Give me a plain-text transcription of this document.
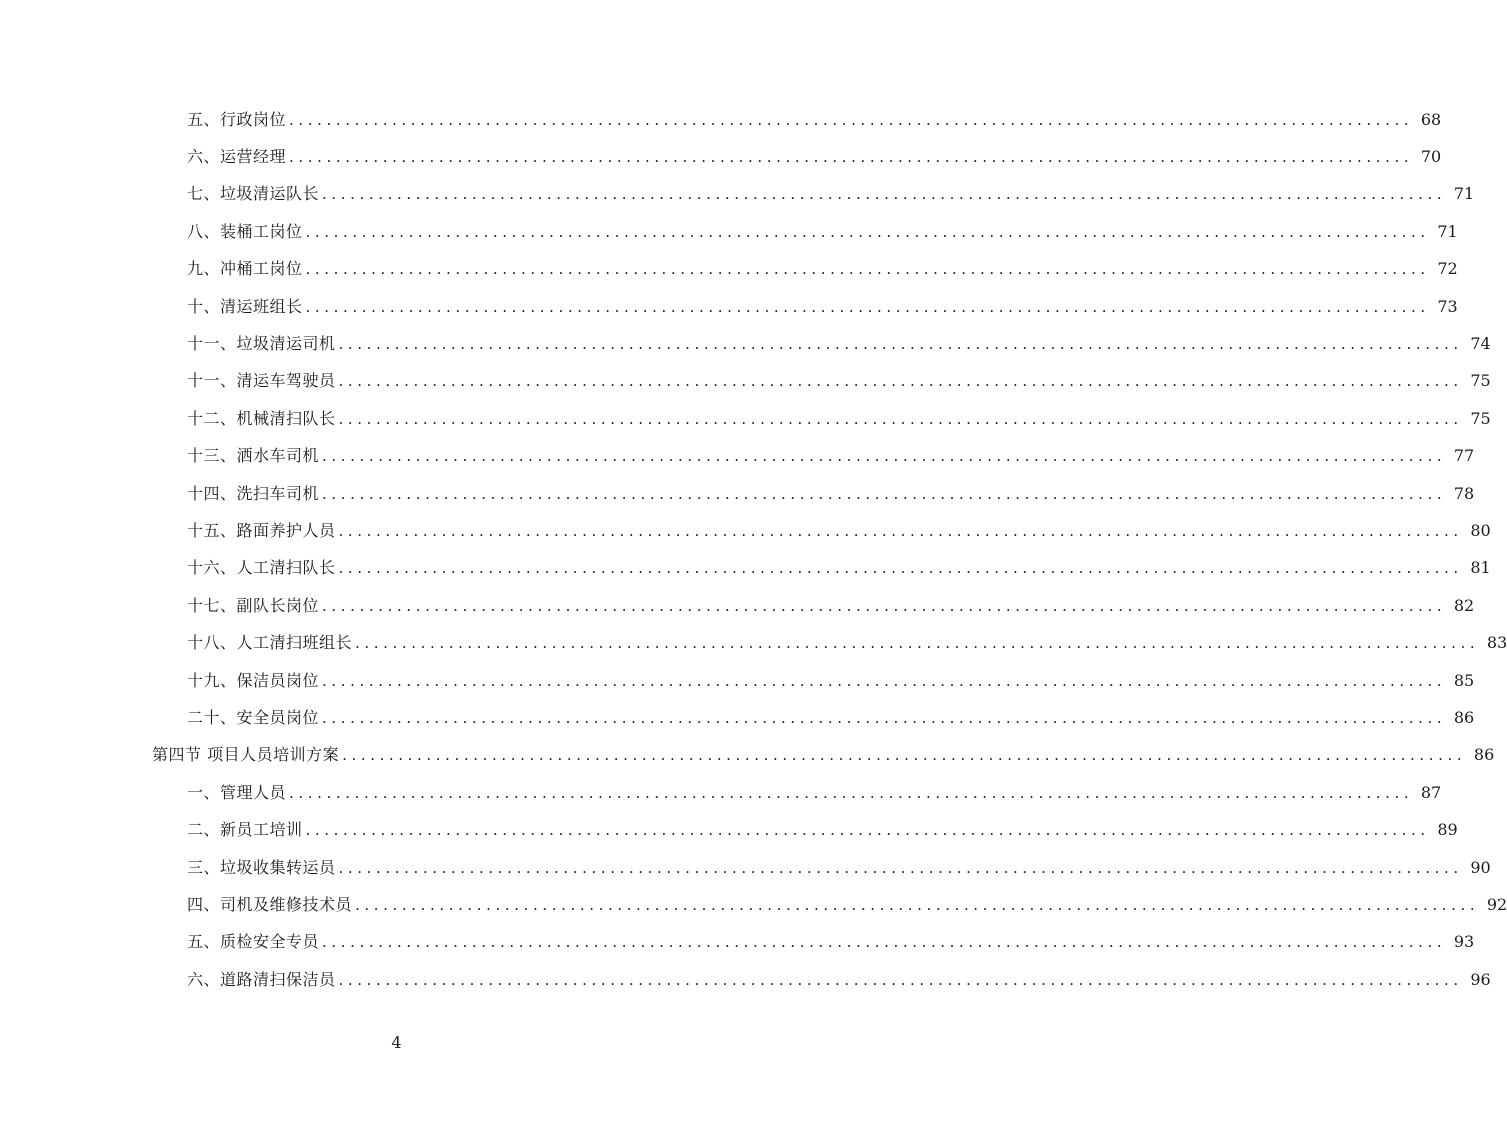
五、行政岗位 ........................................................................................................................ 68
六、运营经理 ........................................................................................................................ 70
七、垃圾清运队长 ........................................................................................................................ 71
八、装桶工岗位 ........................................................................................................................ 71
九、冲桶工岗位 ........................................................................................................................ 72
十、清运班组长 ........................................................................................................................ 73
十一、垃圾清运司机 ........................................................................................................................ 74
十一、清运车驾驶员 ........................................................................................................................ 75
十二、机械清扫队长 ........................................................................................................................ 75
十三、洒水车司机 ........................................................................................................................ 77
十四、洗扫车司机 ........................................................................................................................ 78
十五、路面养护人员 ........................................................................................................................ 80
十六、人工清扫队长 ........................................................................................................................ 81
十七、副队长岗位 ........................................................................................................................ 82
十八、人工清扫班组长 ........................................................................................................................ 83
十九、保洁员岗位 ........................................................................................................................ 85
二十、安全员岗位 ........................................................................................................................ 86
第四节 项目人员培训方案 ........................................................................................................................ 86
一、管理人员 ........................................................................................................................ 87
二、新员工培训 ........................................................................................................................ 89
三、垃圾收集转运员 ........................................................................................................................ 90
四、司机及维修技术员 ........................................................................................................................ 92
五、质检安全专员 ........................................................................................................................ 93
六、道路清扫保洁员 ........................................................................................................................ 96
4
